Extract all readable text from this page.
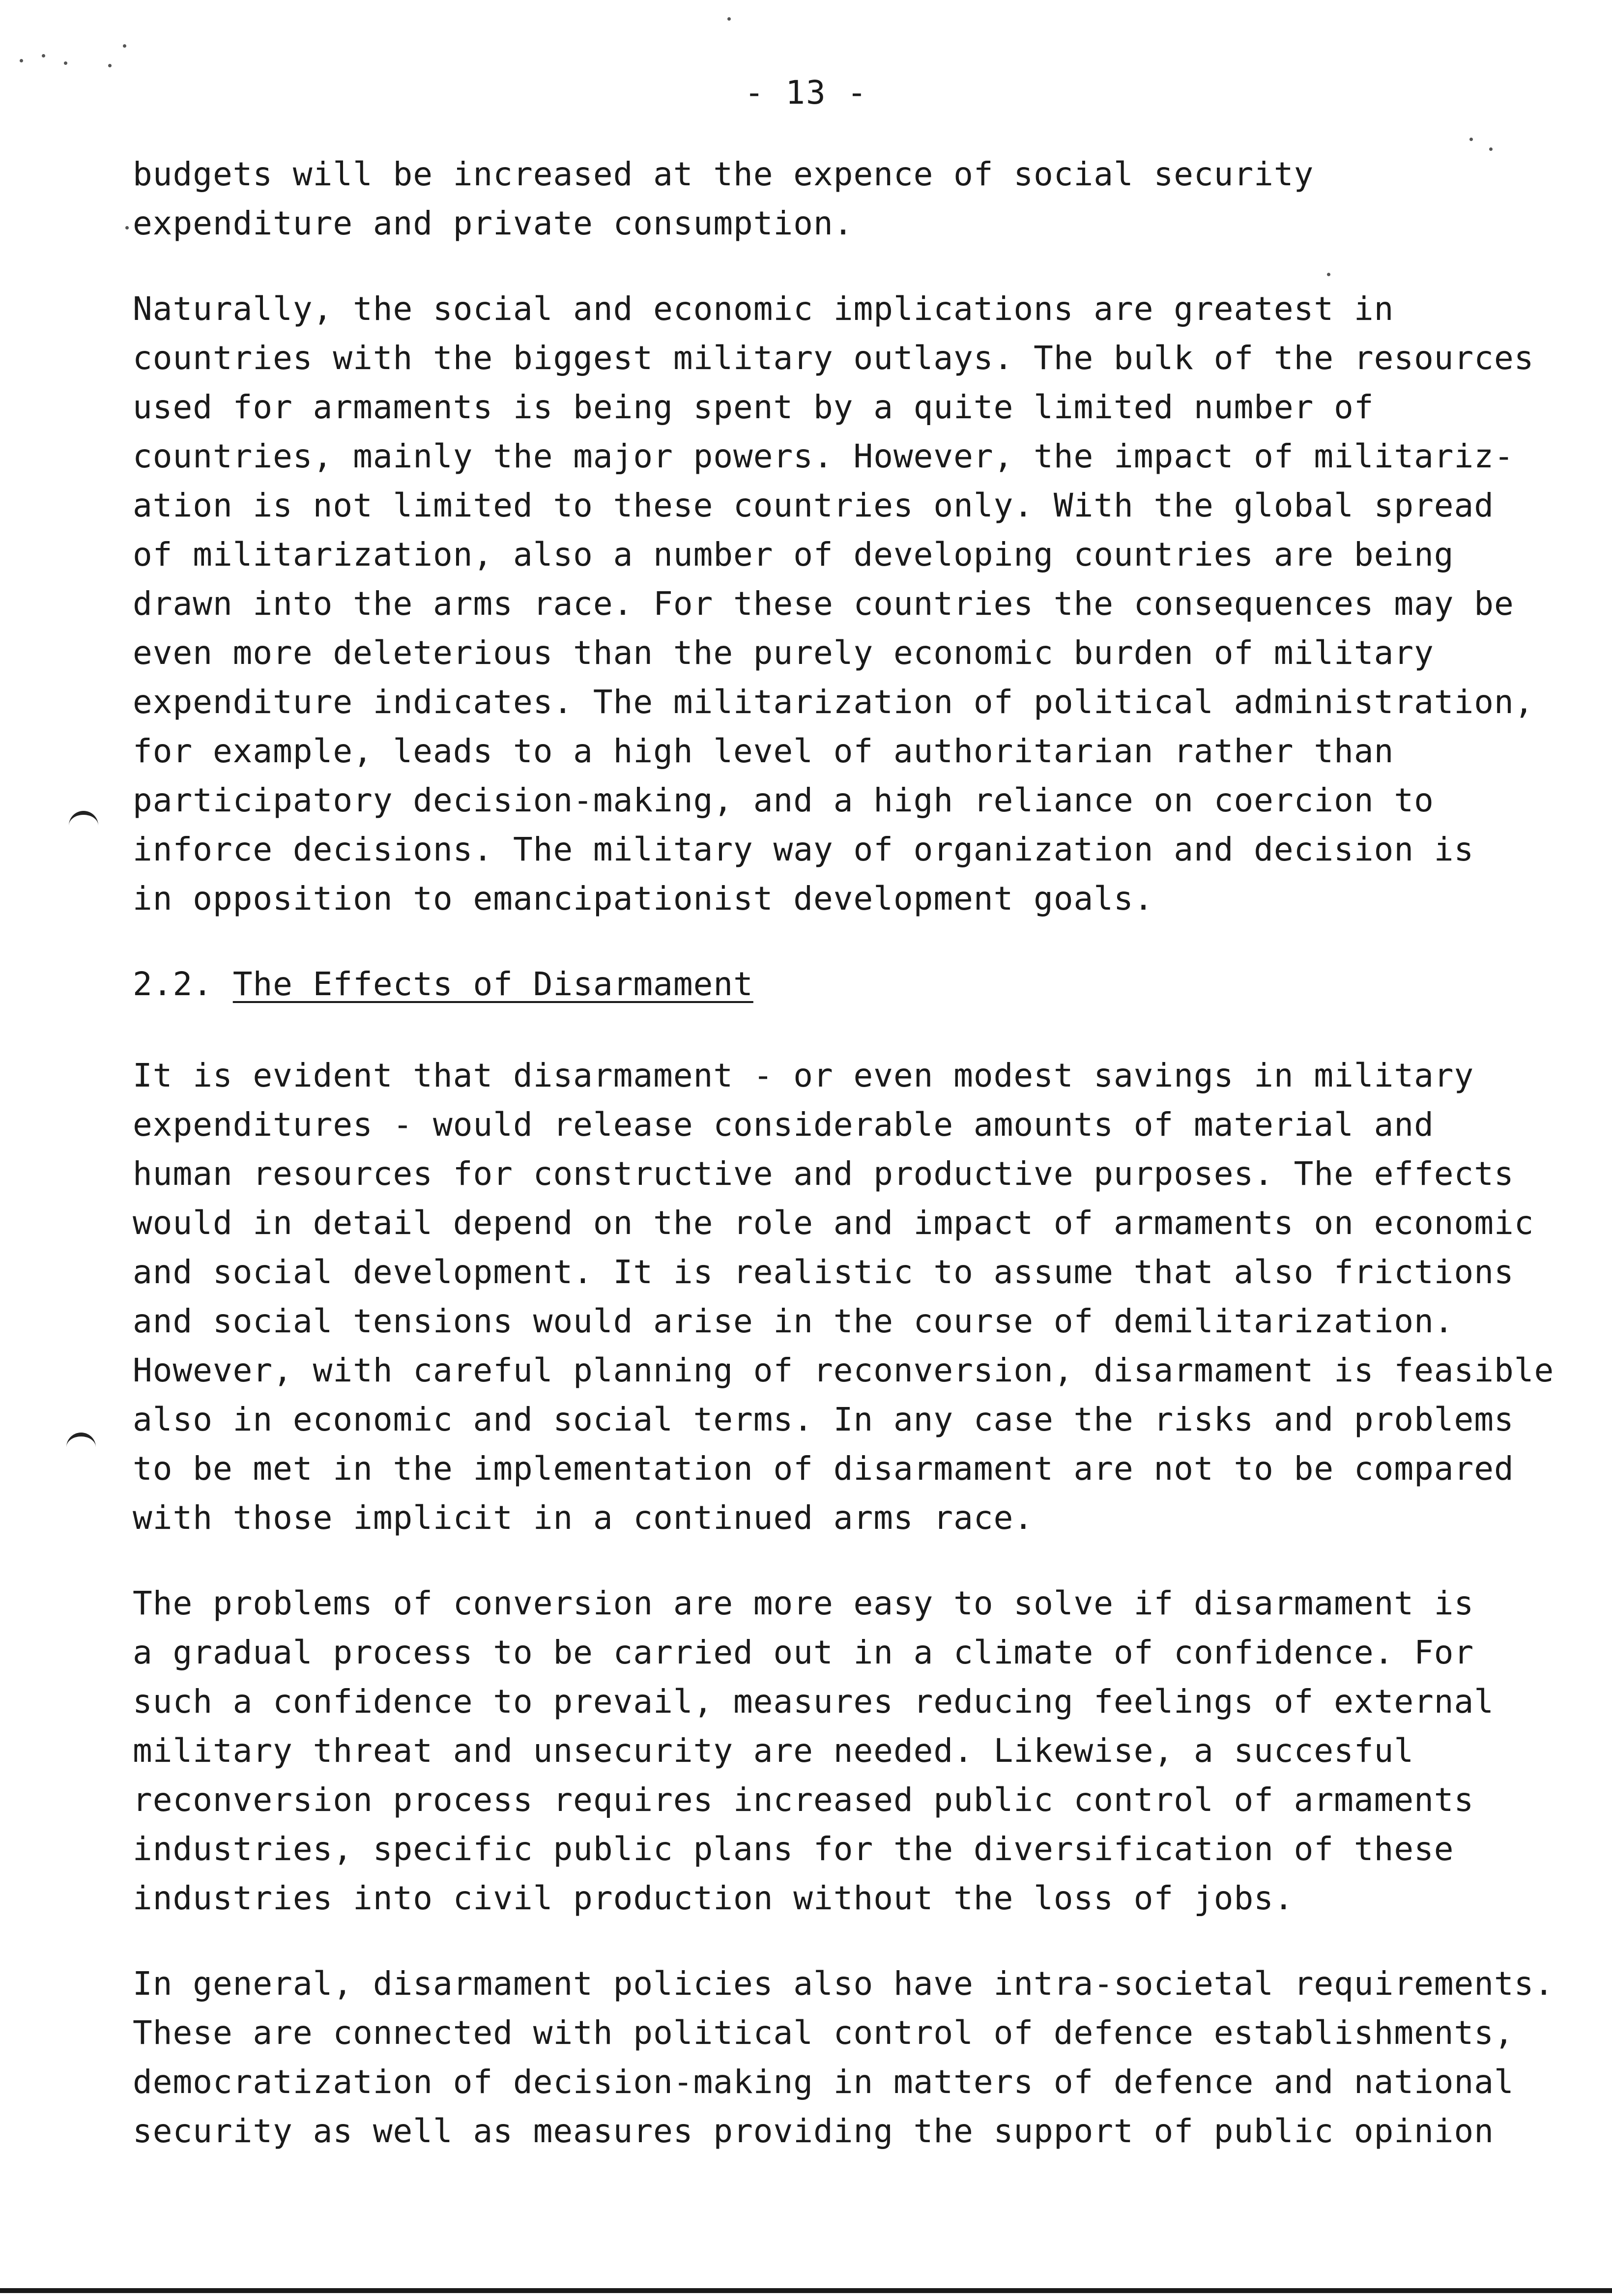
- 13 -

budgets will be increased at the expence of social security
expenditure and private consumption.

Naturally, the social and economic implications are greatest in
countries with the biggest military outlays. The bulk of the resources
used for armaments is being spent by a quite limited number of
countries, mainly the major powers. However, the impact of militariz-
ation is not limited to these countries only. With the global spread
of militarization, also a number of developing countries are being
drawn into the arms race. For these countries the consequences may be
even more deleterious than the purely economic burden of military
expenditure indicates. The militarization of political administration,
for example, leads to a high level of authoritarian rather than
participatory decision-making, and a high reliance on coercion to
inforce decisions. The military way of organization and decision is
in opposition to emancipationist development goals.

2.2. The Effects of Disarmament

It is evident that disarmament - or even modest savings in military
expenditures - would release considerable amounts of material and
human resources for constructive and productive purposes. The effects
would in detail depend on the role and impact of armaments on economic
and social development. It is realistic to assume that also frictions
and social tensions would arise in the course of demilitarization.
However, with careful planning of reconversion, disarmament is feasible
also in economic and social terms. In any case the risks and problems
to be met in the implementation of disarmament are not to be compared
with those implicit in a continued arms race.

The problems of conversion are more easy to solve if disarmament is
a gradual process to be carried out in a climate of confidence. For
such a confidence to prevail, measures reducing feelings of external
military threat and unsecurity are needed. Likewise, a succesful
reconversion process requires increased public control of armaments
industries, specific public plans for the diversification of these
industries into civil production without the loss of jobs.

In general, disarmament policies also have intra-societal requirements.
These are connected with political control of defence establishments,
democratization of decision-making in matters of defence and national
security as well as measures providing the support of public opinion
